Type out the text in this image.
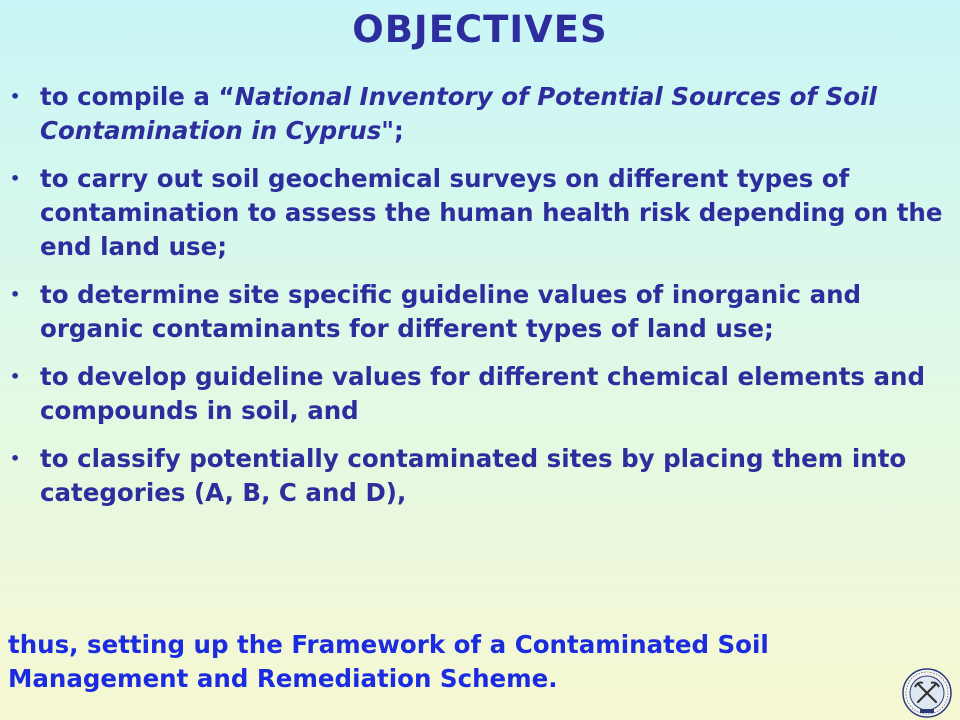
OBJECTIVES
• to compile a “National Inventory of Potential Sources of Soil Contamination in Cyprus";
• to carry out soil geochemical surveys on different types of contamination to assess the human health risk depending on the end land use;
• to determine site specific guideline values of inorganic and organic contaminants for different types of land use;
• to develop guideline values for different chemical elements and compounds in soil, and
• to classify potentially contaminated sites by placing them into categories (A, B, C and D),
thus, setting up the Framework of a Contaminated Soil Management and Remediation Scheme.
